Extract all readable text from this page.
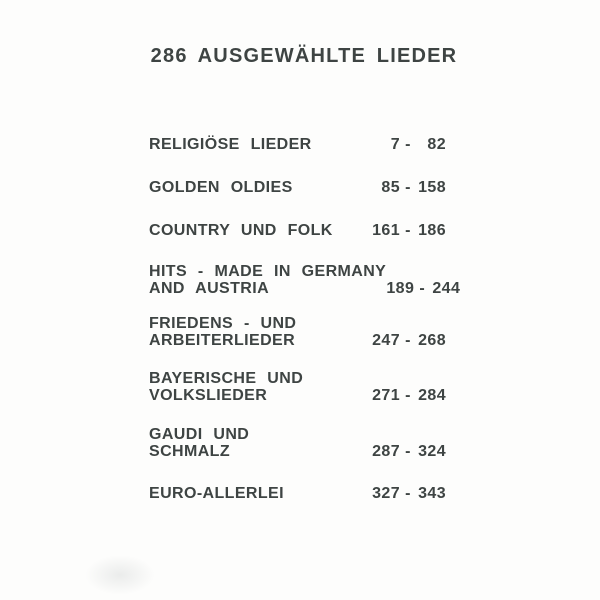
286 AUSGEWÄHLTE LIEDER
RELIGIÖSE LIEDER	7 -	82
GOLDEN OLDIES	85 - 158
COUNTRY UND FOLK 161 - 186
HITS - MADE IN GERMANY
AND AUSTRIA	189 - 244
FRIEDENS - UND
ARBEITERLIEDER	247 - 268
BAYERISCHE UND
VOLKSLIEDER	271 - 284
GAUDI UND
SCHMALZ	287 - 324
EURO-ALLERLEI	327 - 343
